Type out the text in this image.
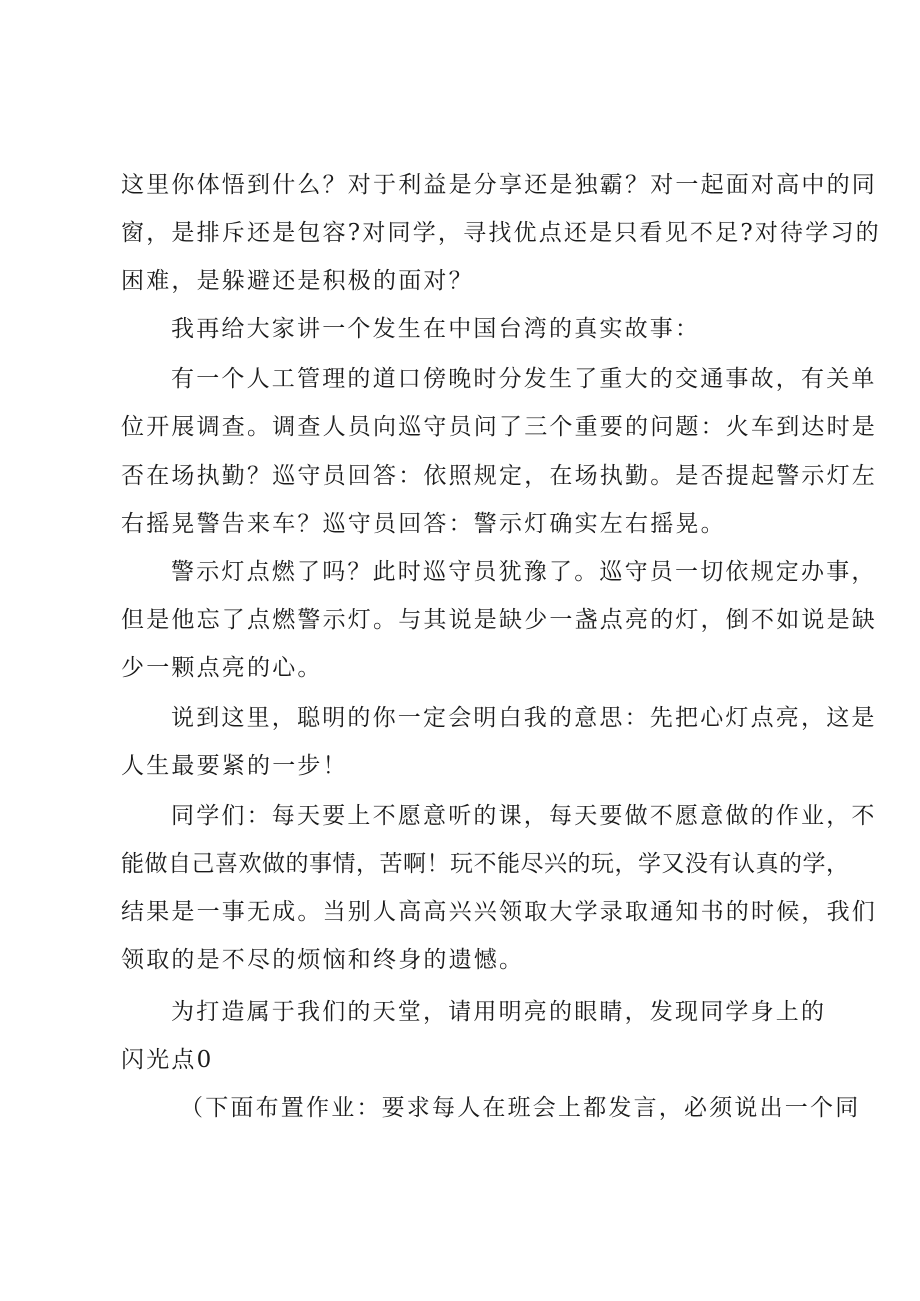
这里你体悟到什么？对于利益是分享还是独霸？对一起面对高中的同
窗，是排斥还是包容?对同学，寻找优点还是只看见不足?对待学习的
困难，是躲避还是积极的面对？
我再给大家讲一个发生在中国台湾的真实故事：
有一个人工管理的道口傍晚时分发生了重大的交通事故，有关单
位开展调查。调查人员向巡守员问了三个重要的问题：火车到达时是
否在场执勤？巡守员回答：依照规定，在场执勤。是否提起警示灯左
右摇晃警告来车？巡守员回答：警示灯确实左右摇晃。
警示灯点燃了吗？此时巡守员犹豫了。巡守员一切依规定办事，
但是他忘了点燃警示灯。与其说是缺少一盏点亮的灯，倒不如说是缺
少一颗点亮的心。
说到这里，聪明的你一定会明白我的意思：先把心灯点亮，这是
人生最要紧的一步！
同学们：每天要上不愿意听的课，每天要做不愿意做的作业，不
能做自己喜欢做的事情，苦啊！玩不能尽兴的玩，学又没有认真的学，
结果是一事无成。当别人高高兴兴领取大学录取通知书的时候，我们
领取的是不尽的烦恼和终身的遗憾。
为打造属于我们的天堂，请用明亮的眼睛，发现同学身上的
闪光点0
（下面布置作业：要求每人在班会上都发言，必须说出一个同
